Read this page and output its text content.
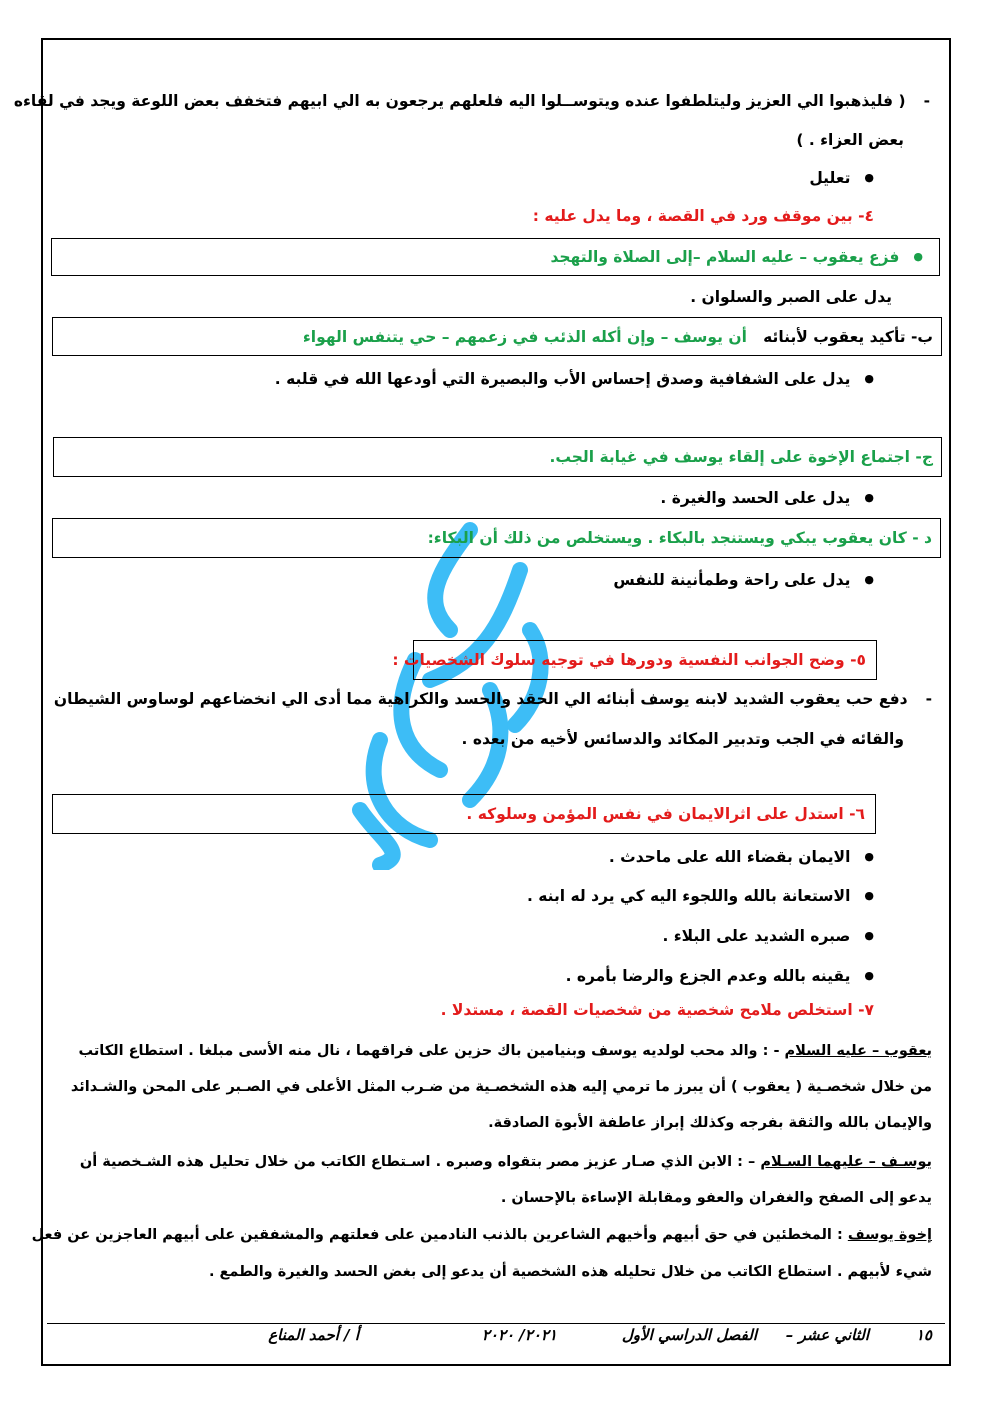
-( فليذهبوا الي العزيز وليتلطفوا عنده ويتوســلوا اليه فلعلهم يرجعون به الي ابيهم فتخفف بعض اللوعة ويجد في لقاءه
بعض العزاء . )
● تعليل
٤- بين موقف ورد في القصة ، وما يدل عليه :
● فزع يعقوب – عليه السلام –إلى الصلاة والتهجد
يدل على الصبر والسلوان .
ب- تأكيد يعقوب لأبنائه   أن يوسف – وإن أكله الذئب في زعمهم – حي يتنفس الهواء
● يدل على الشفافية وصدق إحساس الأب والبصيرة التي أودعها الله في قلبه .
ج- اجتماع الإخوة على إلقاء يوسف في غيابة الجب.
● يدل على الحسد والغيرة .
د - كان يعقوب يبكي ويستنجد بالبكاء . ويستخلص من ذلك أن البكاء:
● يدل على راحة وطمأنينة للنفس
٥- وضح الجوانب النفسية ودورها في توجيه سلوك الشخصيات :
-دفع حب يعقوب الشديد لابنه يوسف أبنائه الي الحقد والحسد والكراهية مما أدى الي انخضاعهم لوساوس الشيطان
والقائه في الجب وتدبير المكائد والدسائس لأخيه من بعده .
٦- استدل على اثرالايمان في نفس المؤمن وسلوكه .
● الايمان بقضاء الله على ماحدث .
● الاستعانة بالله واللجوء اليه كي يرد له ابنه .
● صبره الشديد على البلاء .
● يقينه بالله وعدم الجزع والرضا بأمره .
٧- استخلص ملامح شخصية من شخصيات القصة ، مستدلا .
يعقوب – عليه السلام - : والد محب لولديه يوسف وبنيامين باك حزين على فراقهما ، نال منه الأسى مبلغا . استطاع الكاتب
من خلال شخصـية ( يعقوب ) أن يبرز ما ترمي إليه هذه الشخصـية من ضـرب المثل الأعلى في الصـبر على المحن والشـدائد
والإيمان بالله والثقة بفرجه وكذلك إبراز عاطفة الأبوة الصادقة.
يوسـف – عليهما السـلام – : الابن الذي صـار عزيز مصر بتقواه وصبره . اسـتطاع الكاتب من خلال تحليل هذه الشـخصية أن
يدعو إلى الصفح والغفران والعفو ومقابلة الإساءة بالإحسان .
إخوة يوسف : المخطئين في حق أبيهم وأخيهم الشاعرين بالذنب النادمين على فعلتهم والمشفقين على أبيهم العاجزين عن فعل
شيء لأبيهم . استطاع الكاتب من خلال تحليله هذه الشخصية أن يدعو إلى بغض الحسد والغيرة والطمع .
١٥
الثاني عشر –
الفصل الدراسي الأول
٢٠٢١/ ٢٠٢٠
أ / أحمد المناع
